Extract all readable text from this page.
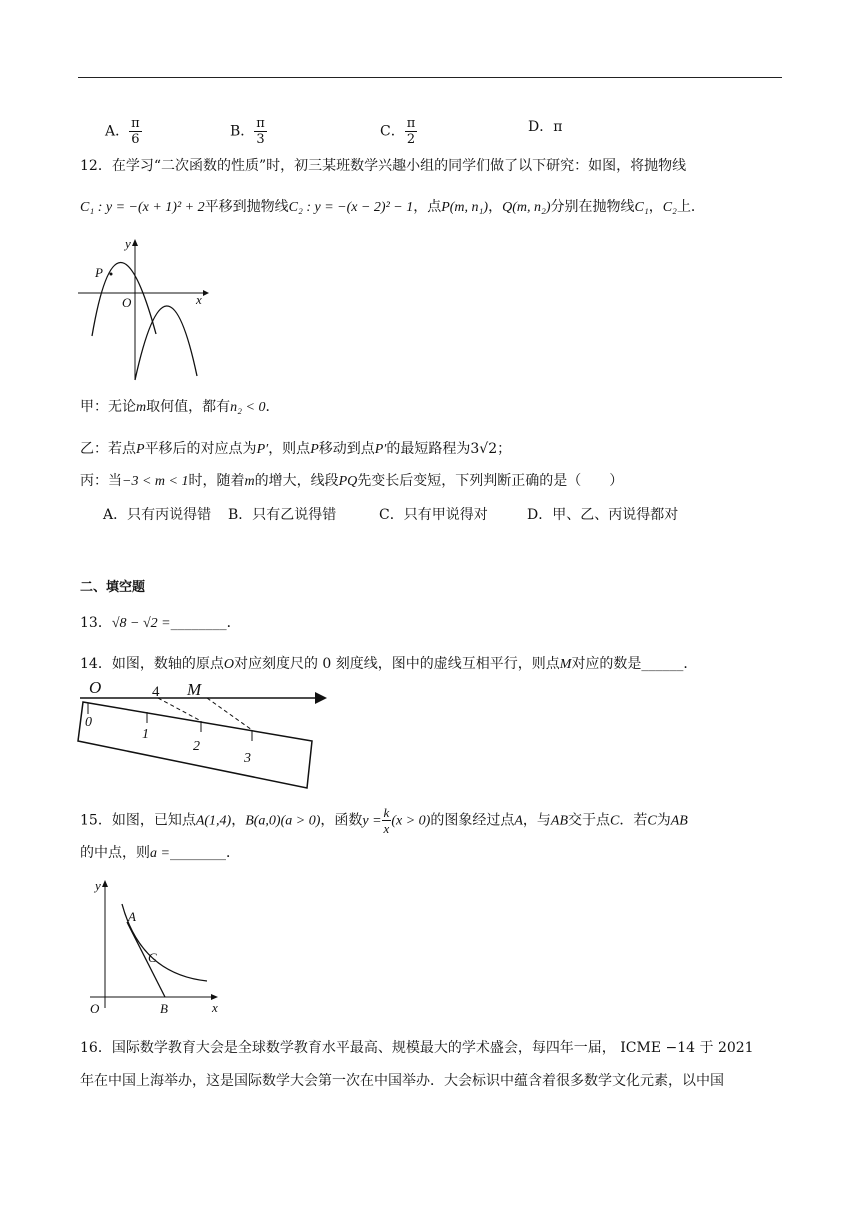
A． $\frac{\pi}{6}$	B． $\frac{\pi}{3}$	C． $\frac{\pi}{2}$	D．π
12．在学习“二次函数的性质”时，初三某班数学兴趣小组的同学们做了以下研究：如图，将抛物线
C₁ : y = −(x + 1)² + 2平移到抛物线C₂ : y = −(x − 2)² − 1，点P(m, n₁)，Q(m, n₂)分别在抛物线C₁，C₂上．
y
x
O
P
甲：无论m取何值，都有n₂ < 0．
乙：若点P平移后的对应点为P′，则点P移动到点P′的最短路程为3√2；
丙：当−3 < m < 1时，随着m的增大，线段PQ先变长后变短，下列判断正确的是（　　）
A．只有丙说得错 B．只有乙说得错	C．只有甲说得对	D．甲、乙、丙说得都对
二、填空题
13．√8 − √2 =________．
14．如图，数轴的原点O对应刻度尺的 0 刻度线，图中的虚线互相平行，则点M对应的数是______．
O	4 M
0
1
2
3
15．如图，已知点A(1,4)，B(a,0)(a > 0)，函数$y = \frac{k}{x} (x > 0)$的图象经过点A，与AB交于点C．若C为AB
的中点，则a =________．
y
x
O
A
C
B
16．国际数学教育大会是全球数学教育水平最高、规模最大的学术盛会，每四年一届， ICME −14 于 2021
年在中国上海举办，这是国际数学大会第一次在中国举办．大会标识中蕴含着很多数学文化元素，以中国
